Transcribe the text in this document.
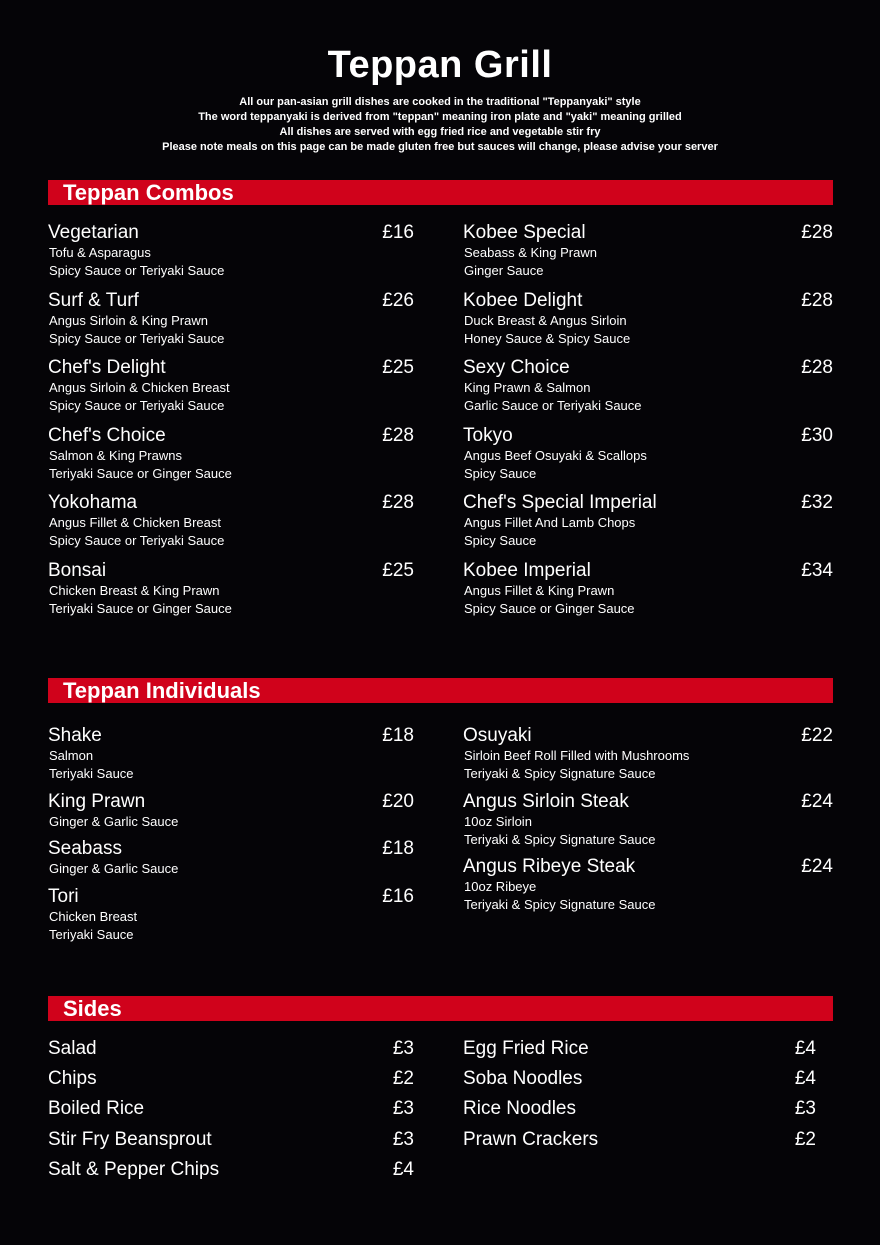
Teppan Grill
All our pan-asian grill dishes are cooked in the traditional "Teppanyaki" style
The word teppanyaki is derived from "teppan" meaning iron plate and "yaki" meaning grilled
All dishes are served with egg fried rice and vegetable stir fry
Please note meals on this page can be made gluten free but sauces will change, please advise your server
Teppan Combos
Vegetarian	£16
Tofu & Asparagus
Spicy Sauce or Teriyaki Sauce
Surf & Turf	£26
Angus Sirloin & King Prawn
Spicy Sauce or Teriyaki Sauce
Chef's Delight	£25
Angus Sirloin & Chicken Breast
Spicy Sauce or Teriyaki Sauce
Chef's Choice	£28
Salmon & King Prawns
Teriyaki Sauce or Ginger Sauce
Yokohama	£28
Angus Fillet & Chicken Breast
Spicy Sauce or Teriyaki Sauce
Bonsai	£25
Chicken Breast & King Prawn
Teriyaki Sauce or Ginger Sauce
Kobee Special	£28
Seabass & King Prawn
Ginger Sauce
Kobee Delight	£28
Duck Breast & Angus Sirloin
Honey Sauce & Spicy Sauce
Sexy Choice	£28
King Prawn & Salmon
Garlic Sauce or Teriyaki Sauce
Tokyo	£30
Angus Beef Osuyaki & Scallops
Spicy Sauce
Chef's Special Imperial	£32
Angus Fillet And Lamb Chops
Spicy Sauce
Kobee Imperial	£34
Angus Fillet & King Prawn
Spicy Sauce or Ginger Sauce
Teppan Individuals
Shake	£18
Salmon
Teriyaki Sauce
King Prawn	£20
Ginger & Garlic Sauce
Seabass	£18
Ginger & Garlic Sauce
Tori	£16
Chicken Breast
Teriyaki Sauce
Osuyaki	£22
Sirloin Beef Roll Filled with Mushrooms
Teriyaki & Spicy Signature Sauce
Angus Sirloin Steak	£24
10oz Sirloin
Teriyaki & Spicy Signature Sauce
Angus Ribeye Steak	£24
10oz Ribeye
Teriyaki & Spicy Signature Sauce
Sides
Salad	£3
Chips	£2
Boiled Rice	£3
Stir Fry Beansprout	£3
Salt & Pepper Chips	£4
Egg Fried Rice	£4
Soba Noodles	£4
Rice Noodles	£3
Prawn Crackers	£2
